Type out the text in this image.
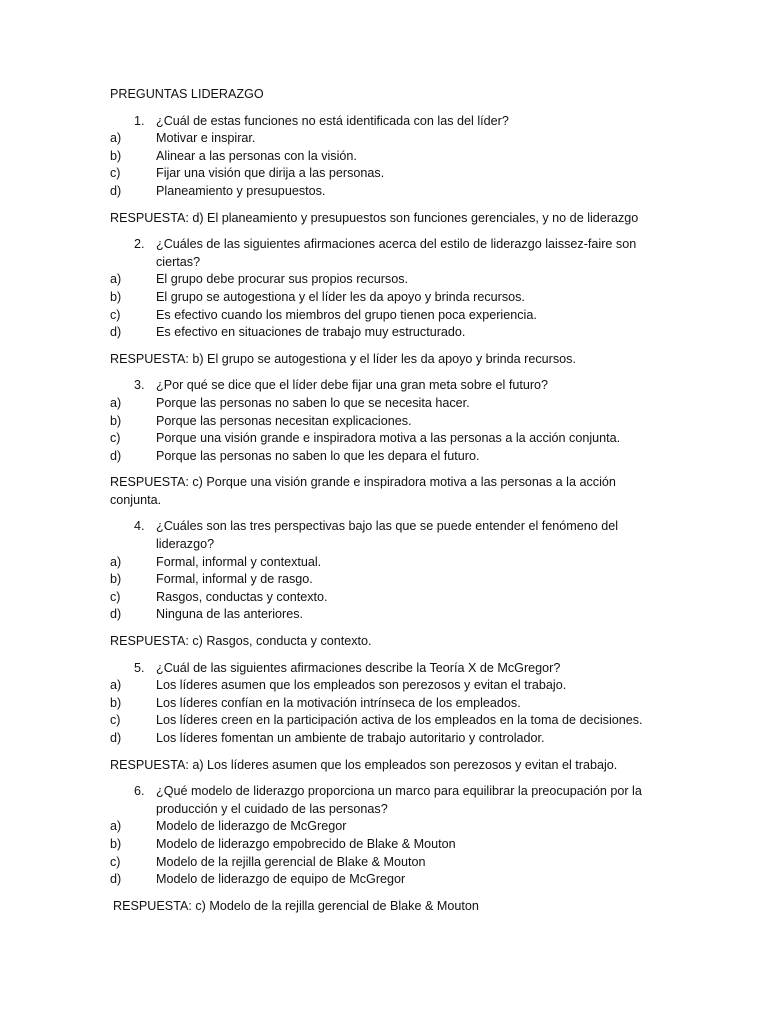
PREGUNTAS LIDERAZGO
1. ¿Cuál de estas funciones no está identificada con las del líder?
a)	Motivar e inspirar.
b)	Alinear a las personas con la visión.
c)	Fijar una visión que dirija a las personas.
d)	Planeamiento y presupuestos.
RESPUESTA: d) El planeamiento y presupuestos son funciones gerenciales, y no de liderazgo
2. ¿Cuáles de las siguientes afirmaciones acerca del estilo de liderazgo laissez-faire son ciertas?
a)	El grupo debe procurar sus propios recursos.
b)	El grupo se autogestiona y el líder les da apoyo y brinda recursos.
c)	Es efectivo cuando los miembros del grupo tienen poca experiencia.
d)	Es efectivo en situaciones de trabajo muy estructurado.
RESPUESTA: b) El grupo se autogestiona y el líder les da apoyo y brinda recursos.
3. ¿Por qué se dice que el líder debe fijar una gran meta sobre el futuro?
a)	Porque las personas no saben lo que se necesita hacer.
b)	Porque las personas necesitan explicaciones.
c)	Porque una visión grande e inspiradora motiva a las personas a la acción conjunta.
d)	Porque las personas no saben lo que les depara el futuro.
RESPUESTA: c) Porque una visión grande e inspiradora motiva a las personas a la acción conjunta.
4. ¿Cuáles son las tres perspectivas bajo las que se puede entender el fenómeno del liderazgo?
a)	Formal, informal y contextual.
b)	Formal, informal y de rasgo.
c)	Rasgos, conductas y contexto.
d)	Ninguna de las anteriores.
RESPUESTA: c) Rasgos, conducta y contexto.
5. ¿Cuál de las siguientes afirmaciones describe la Teoría X de McGregor?
a)	Los líderes asumen que los empleados son perezosos y evitan el trabajo.
b)	Los líderes confían en la motivación intrínseca de los empleados.
c)	Los líderes creen en la participación activa de los empleados en la toma de decisiones.
d)	Los líderes fomentan un ambiente de trabajo autoritario y controlador.
RESPUESTA: a) Los líderes asumen que los empleados son perezosos y evitan el trabajo.
6. ¿Qué modelo de liderazgo proporciona un marco para equilibrar la preocupación por la producción y el cuidado de las personas?
a)	Modelo de liderazgo de McGregor
b)	Modelo de liderazgo empobrecido de Blake & Mouton
c)	Modelo de la rejilla gerencial de Blake & Mouton
d)	Modelo de liderazgo de equipo de McGregor
RESPUESTA: c) Modelo de la rejilla gerencial de Blake & Mouton
